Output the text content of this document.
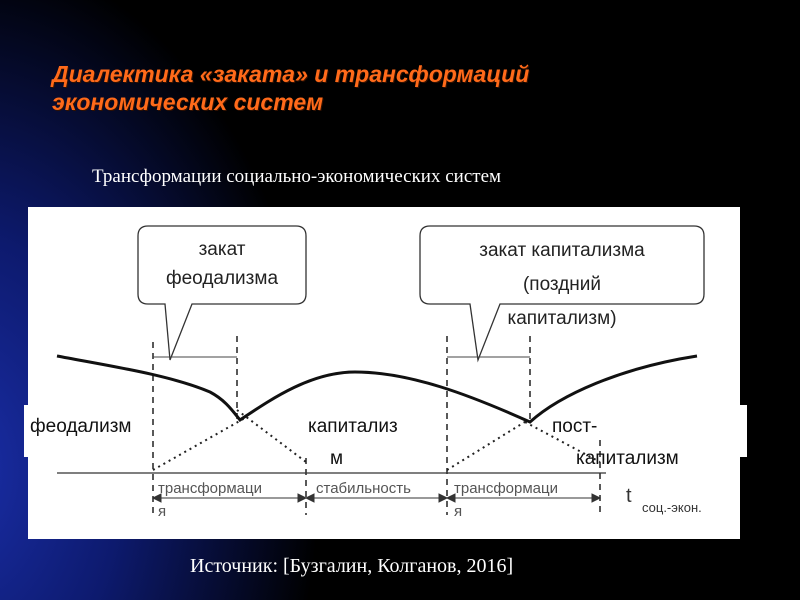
Диалектика «заката» и трансформаций
экономических систем
Трансформации социально-экономических систем
закат
феодализма
закат капитализма
(поздний
капитализм)
феодализм	капитализ
м
пост-
капитализм
t
соц.-экон.
трансформаци
я
стабильность	трансформаци
я
Источник: [Бузгалин, Колганов, 2016]
